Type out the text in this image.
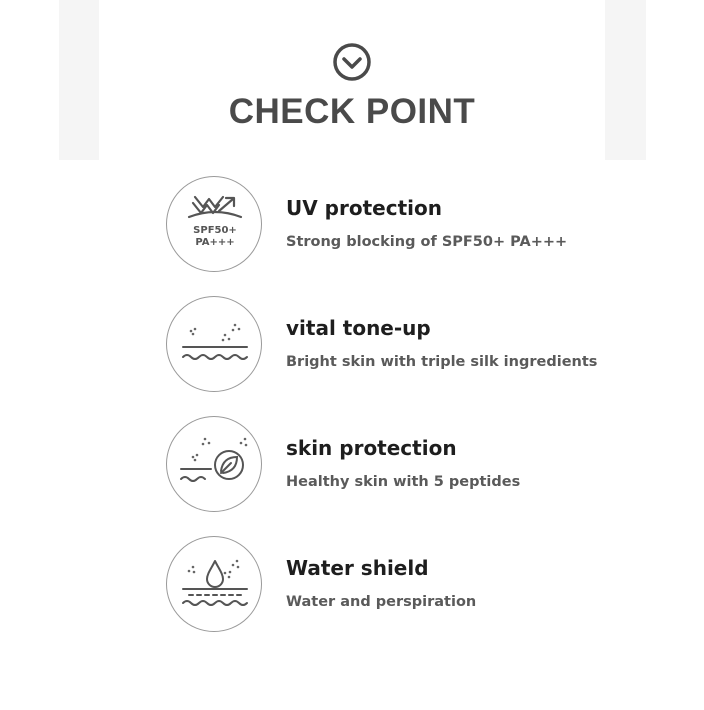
CHECK POINT
SPF50+
PA+++
UV protection
Strong blocking of SPF50+ PA+++
vital tone-up
Bright skin with triple silk ingredients
skin protection
Healthy skin with 5 peptides
Water shield
Water and perspiration
